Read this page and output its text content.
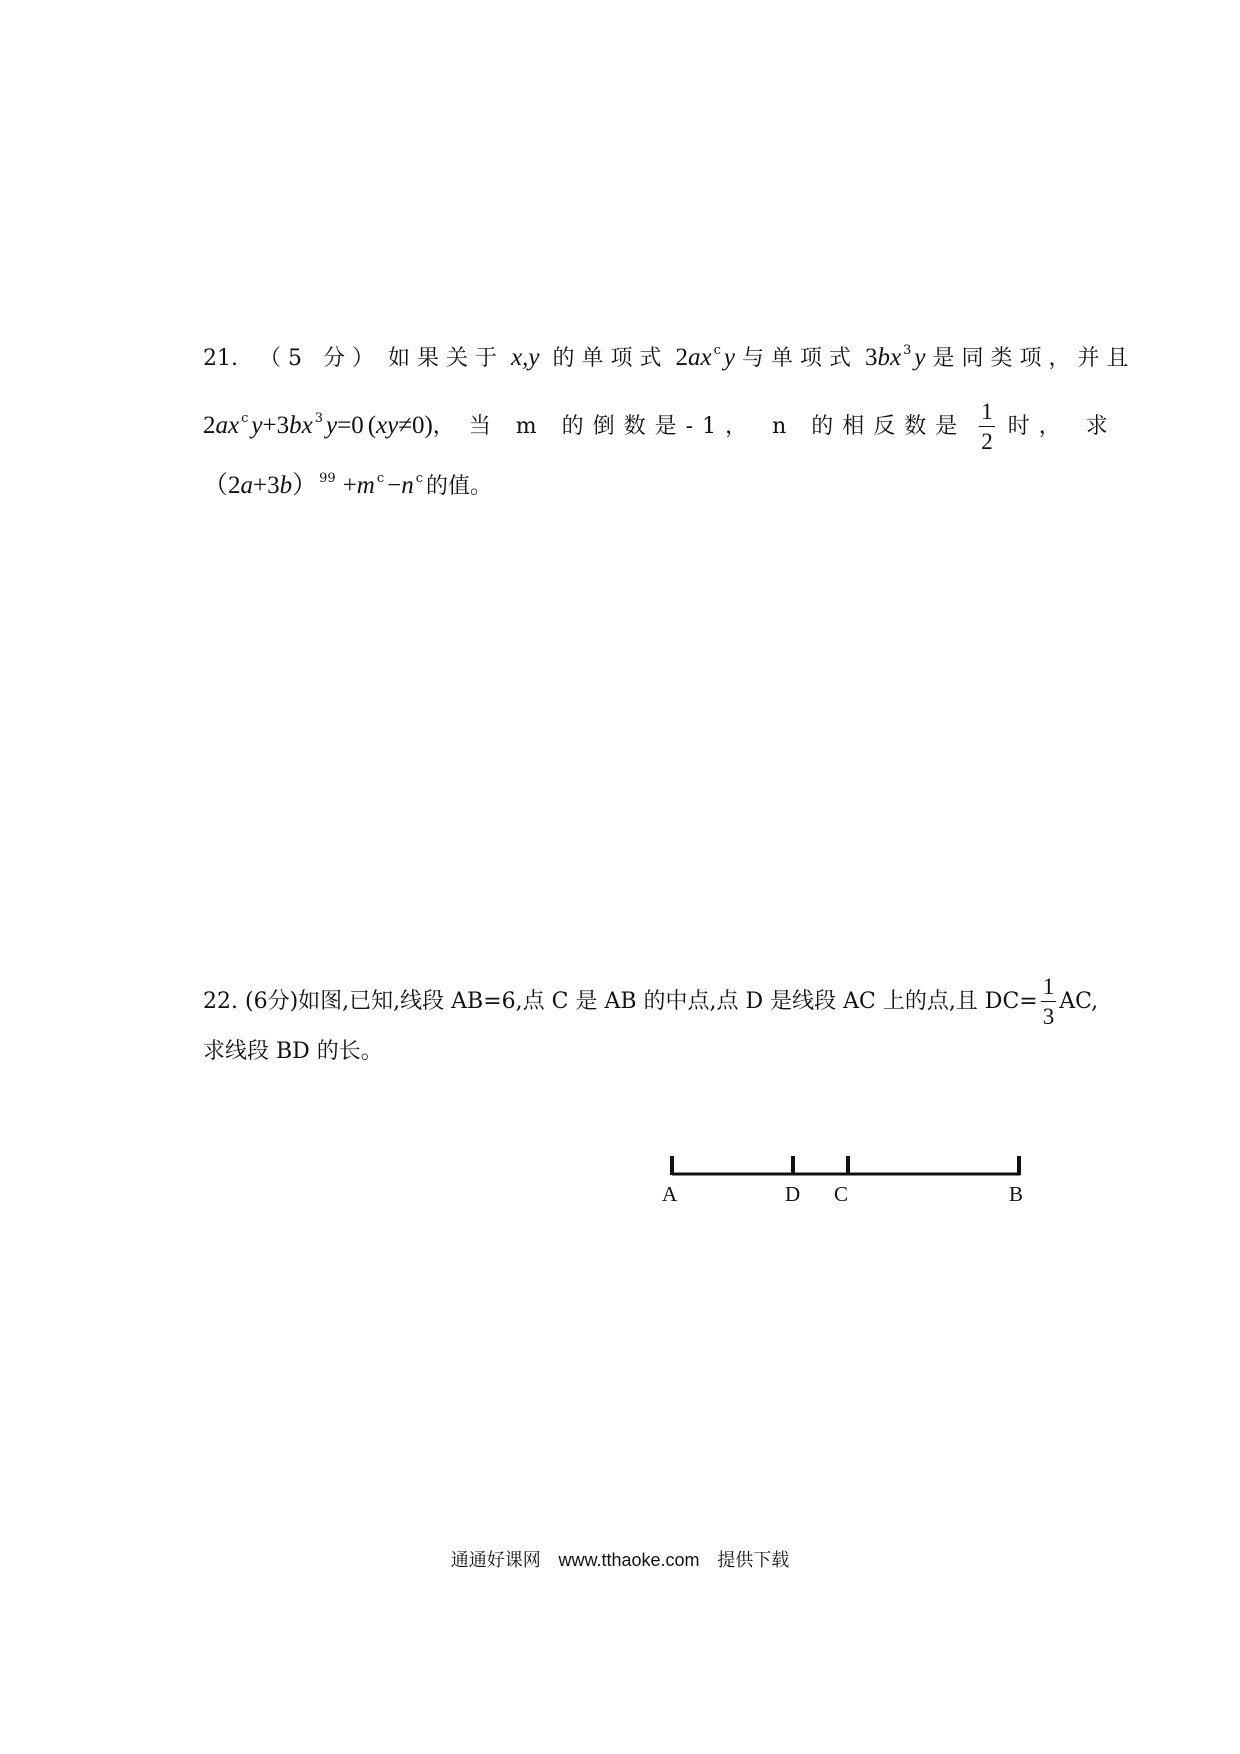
21. （5 分） 如果关于 x,y 的单项式 2ax $^c$ y 与单项式 3bx $^3$ y 是同类项，并且
2ax $^c$ y+3bx $^3$ y=0 (xy≠0)， 当 m 的倒数是-1， n 的相反数是 $\frac{1}{2}$ 时， 求
（2a+3b） $^{99}$ +m $^c$ −n $^c$ 的值。
22. (6分)如图,已知,线段 AB=6,点 C 是 AB 的中点,点 D 是线段 AC 上的点,且 $DC= \frac{1}{3}$ AC,
求线段 BD 的长。
A	D C	B
通通好课网 www.tthaoke.com 提供下载
